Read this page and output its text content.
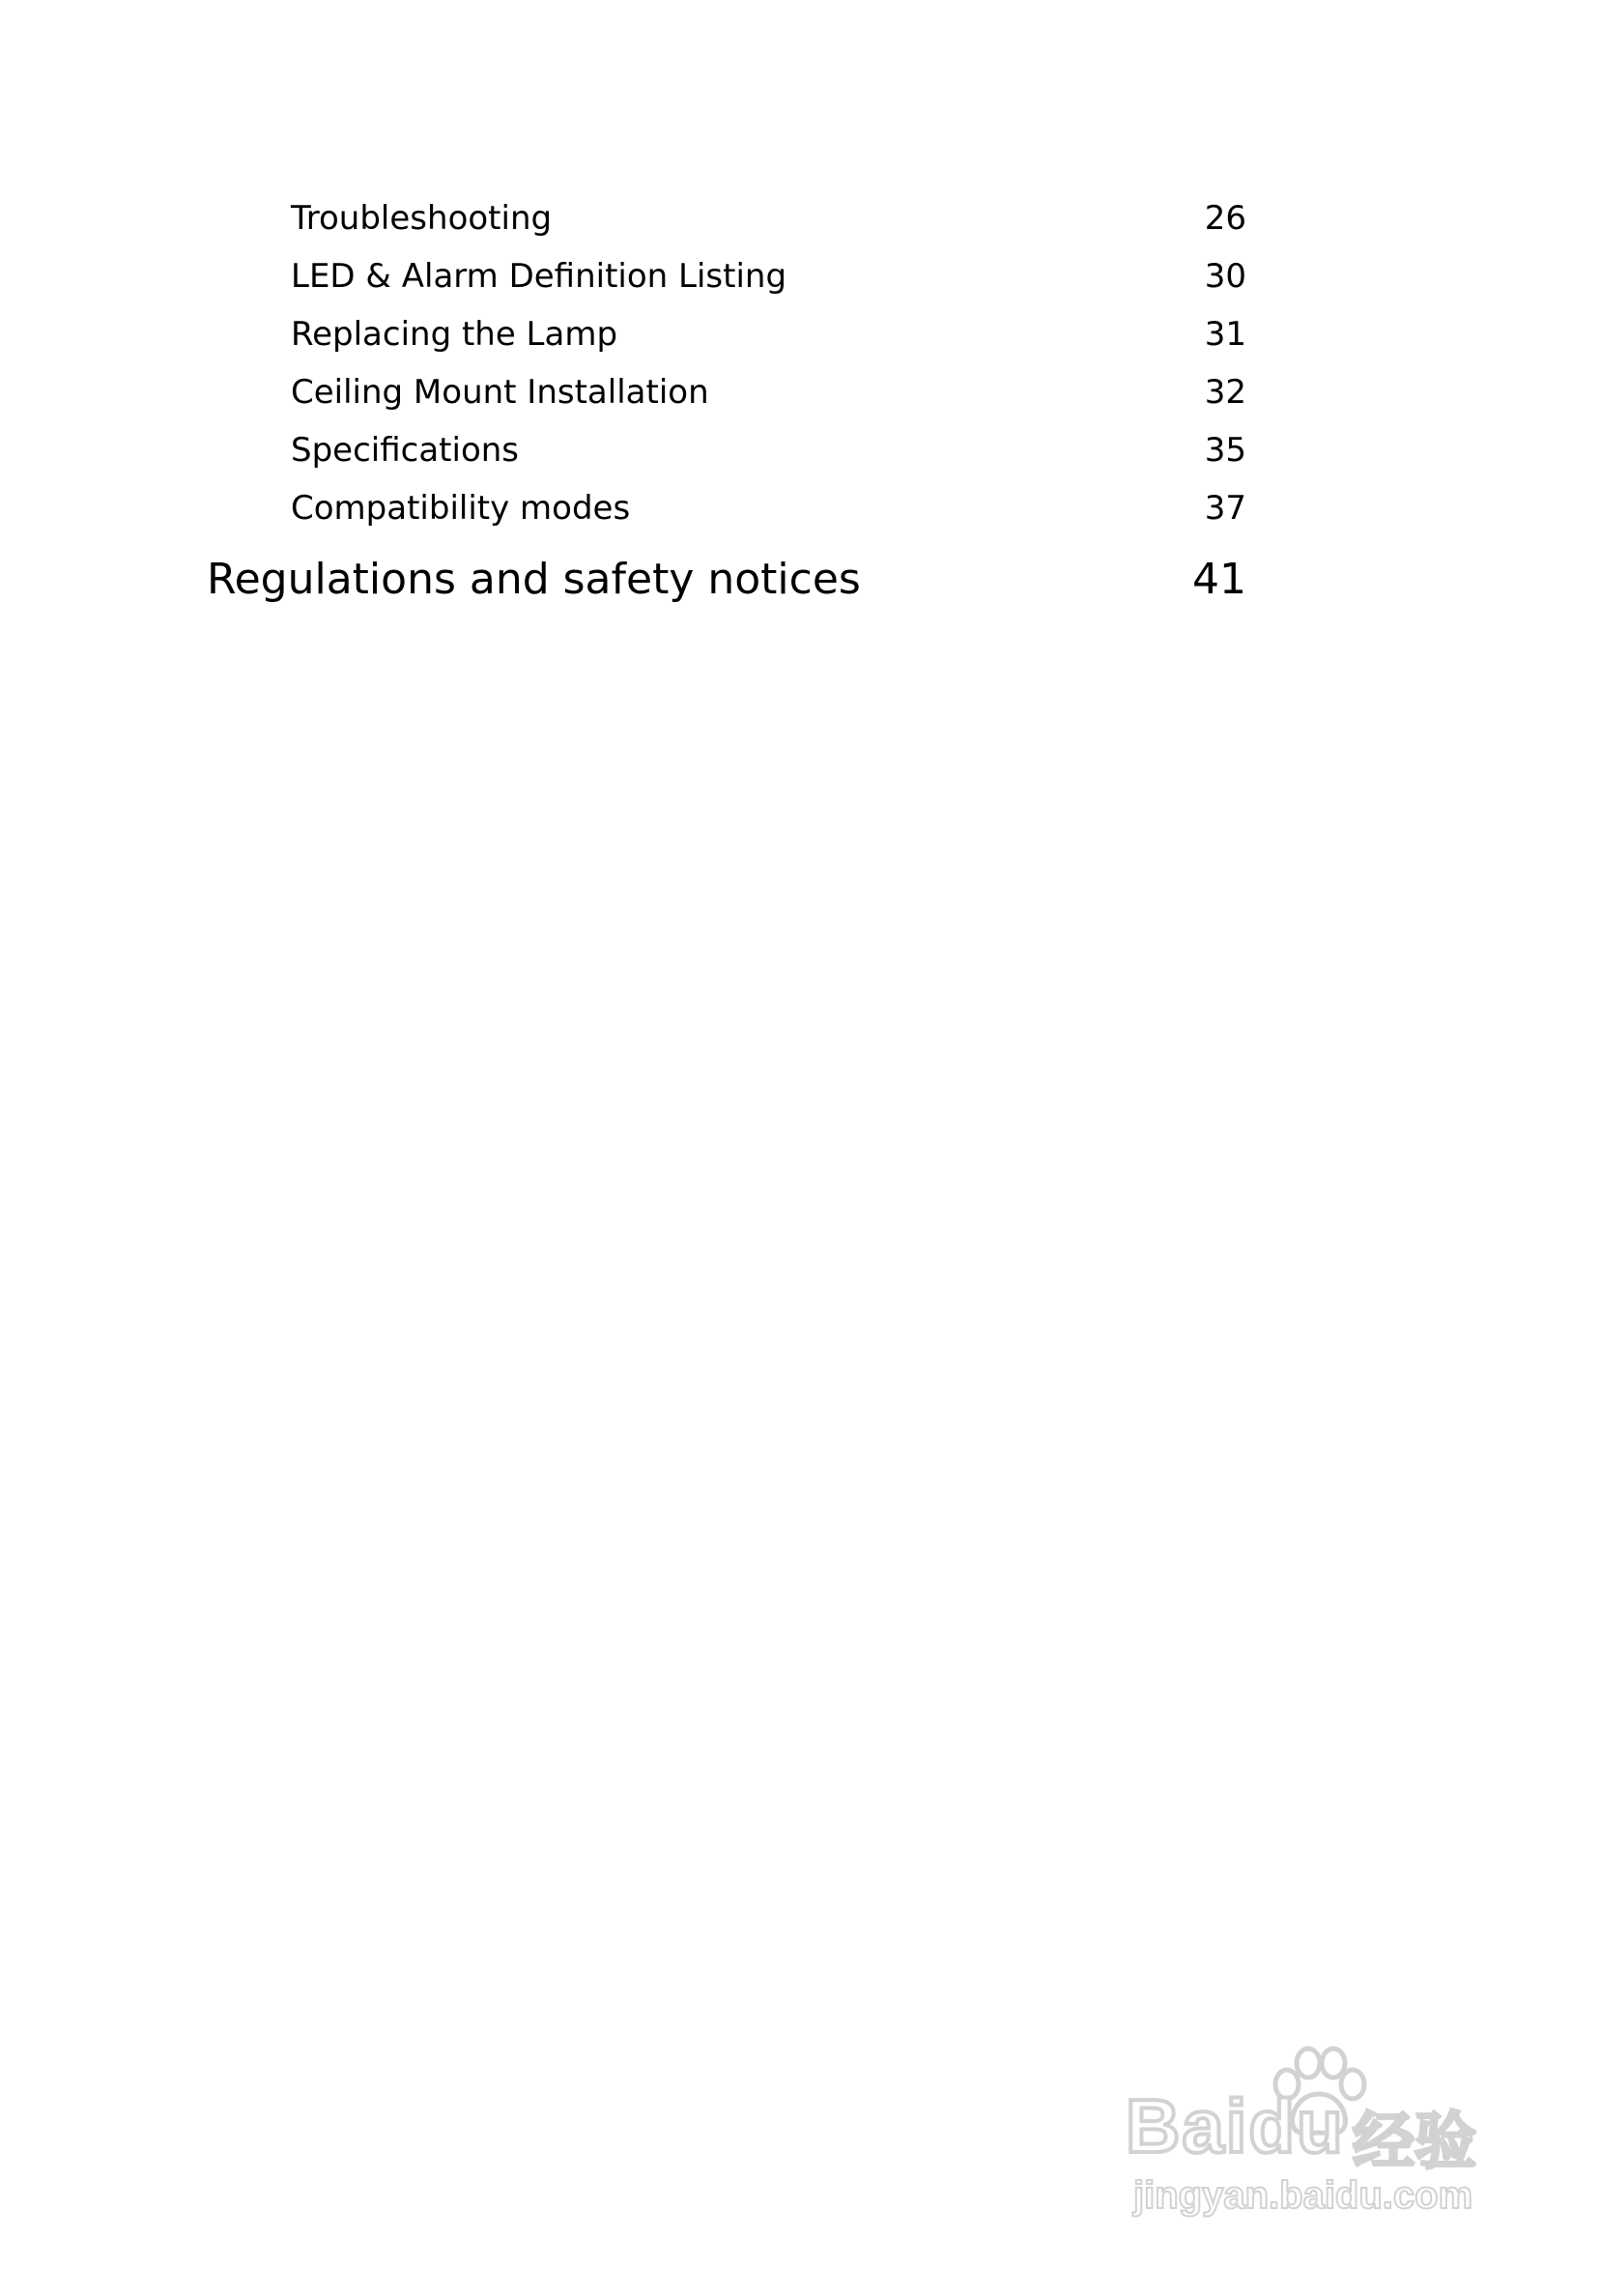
Troubleshooting	26
LED & Alarm Definition Listing	30
Replacing the Lamp	31
Ceiling Mount Installation	32
Specifications	35
Compatibility modes	37
Regulations and safety notices	41
Baidu 经验
jingyan.baidu.com
